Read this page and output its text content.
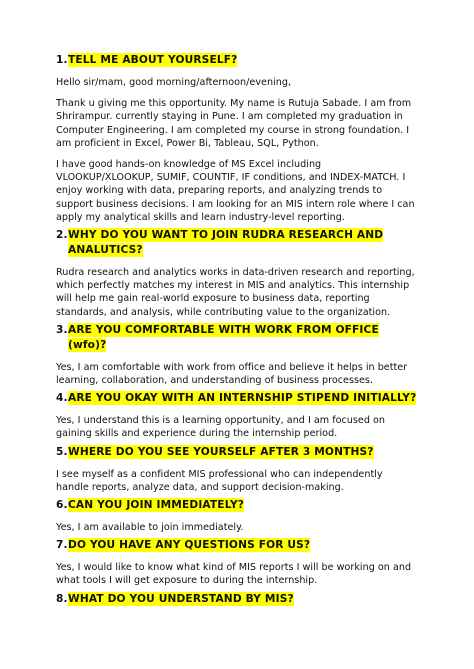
1. TELL ME ABOUT YOURSELF?

Hello sir/mam, good morning/afternoon/evening,

Thank u giving me this opportunity. My name is Rutuja Sabade. I am from Shrirampur. currently staying in Pune. I am completed my graduation in Computer Engineering. I am completed my course in strong foundation. I am proficient in Excel, Power Bi, Tableau, SQL, Python.

I have good hands-on knowledge of MS Excel including VLOOKUP/XLOOKUP, SUMIF, COUNTIF, IF conditions, and INDEX-MATCH. I enjoy working with data, preparing reports, and analyzing trends to support business decisions. I am looking for an MIS intern role where I can apply my analytical skills and learn industry-level reporting.

2. WHY DO YOU WANT TO JOIN RUDRA RESEARCH AND ANALUTICS?

Rudra research and analytics works in data-driven research and reporting, which perfectly matches my interest in MIS and analytics. This internship will help me gain real-world exposure to business data, reporting standards, and analysis, while contributing value to the organization.

3. ARE YOU COMFORTABLE WITH WORK FROM OFFICE (wfo)?

Yes, I am comfortable with work from office and believe it helps in better learning, collaboration, and understanding of business processes.

4. ARE YOU OKAY WITH AN INTERNSHIP STIPEND INITIALLY?

Yes, I understand this is a learning opportunity, and I am focused on gaining skills and experience during the internship period.

5. WHERE DO YOU SEE YOURSELF AFTER 3 MONTHS?

I see myself as a confident MIS professional who can independently handle reports, analyze data, and support decision-making.

6. CAN YOU JOIN IMMEDIATELY?

Yes, I am available to join immediately.

7. DO YOU HAVE ANY QUESTIONS FOR US?

Yes, I would like to know what kind of MIS reports I will be working on and what tools I will get exposure to during the internship.

8. WHAT DO YOU UNDERSTAND BY MIS?
